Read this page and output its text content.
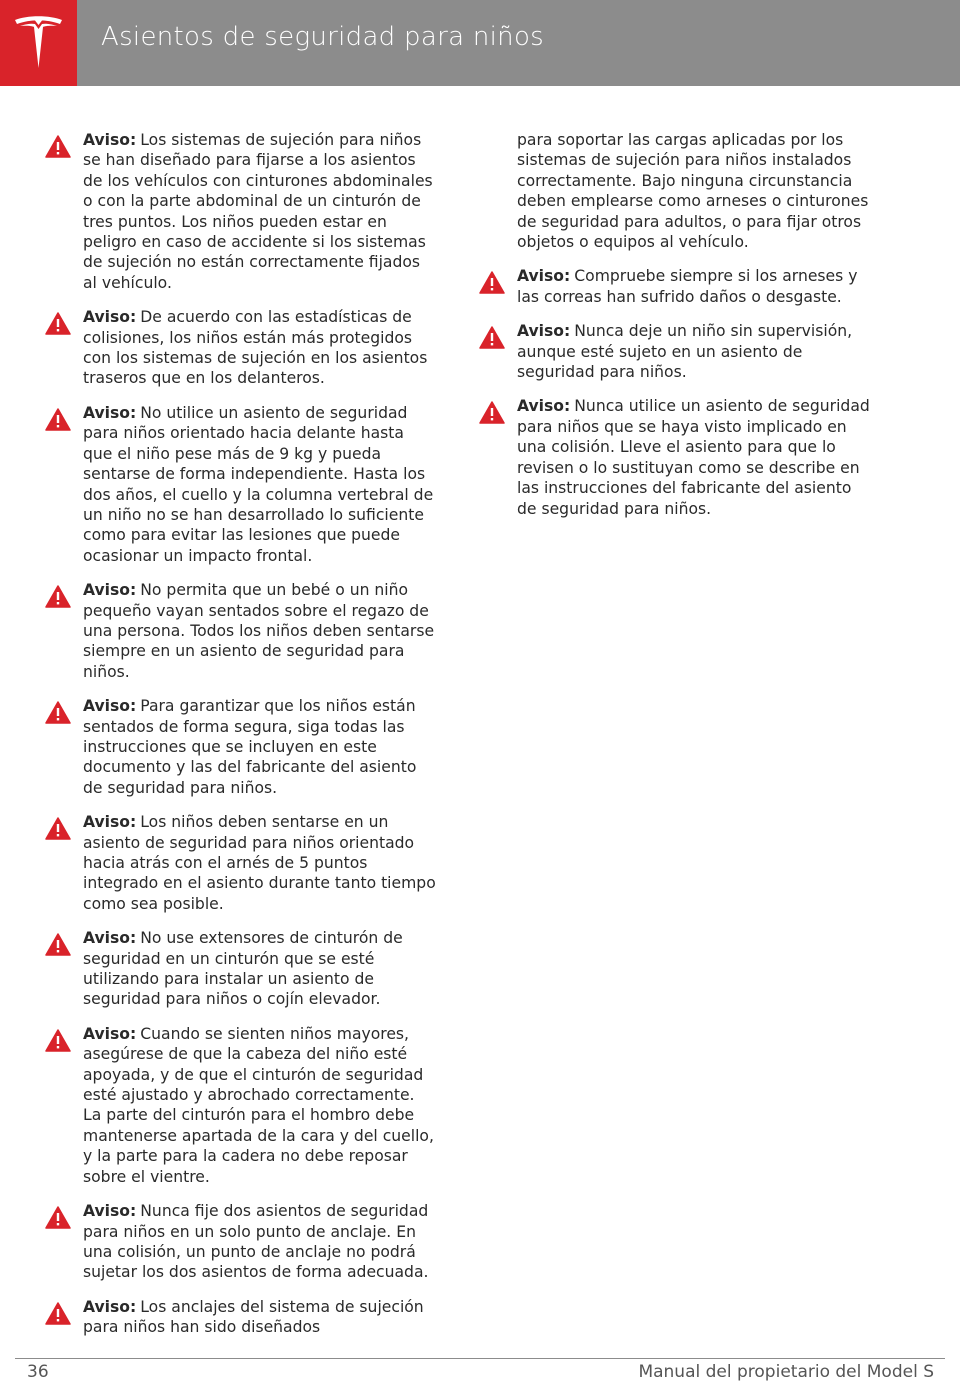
Asientos de seguridad para niños

Aviso: Los sistemas de sujeción para niños se han diseñado para fijarse a los asientos de los vehículos con cinturones abdominales o con la parte abdominal de un cinturón de tres puntos. Los niños pueden estar en peligro en caso de accidente si los sistemas de sujeción no están correctamente fijados al vehículo.

Aviso: De acuerdo con las estadísticas de colisiones, los niños están más protegidos con los sistemas de sujeción en los asientos traseros que en los delanteros.

Aviso: No utilice un asiento de seguridad para niños orientado hacia delante hasta que el niño pese más de 9 kg y pueda sentarse de forma independiente. Hasta los dos años, el cuello y la columna vertebral de un niño no se han desarrollado lo suficiente como para evitar las lesiones que puede ocasionar un impacto frontal.

Aviso: No permita que un bebé o un niño pequeño vayan sentados sobre el regazo de una persona. Todos los niños deben sentarse siempre en un asiento de seguridad para niños.

Aviso: Para garantizar que los niños están sentados de forma segura, siga todas las instrucciones que se incluyen en este documento y las del fabricante del asiento de seguridad para niños.

Aviso: Los niños deben sentarse en un asiento de seguridad para niños orientado hacia atrás con el arnés de 5 puntos integrado en el asiento durante tanto tiempo como sea posible.

Aviso: No use extensores de cinturón de seguridad en un cinturón que se esté utilizando para instalar un asiento de seguridad para niños o cojín elevador.

Aviso: Cuando se sienten niños mayores, asegúrese de que la cabeza del niño esté apoyada, y de que el cinturón de seguridad esté ajustado y abrochado correctamente. La parte del cinturón para el hombro debe mantenerse apartada de la cara y del cuello, y la parte para la cadera no debe reposar sobre el vientre.

Aviso: Nunca fije dos asientos de seguridad para niños en un solo punto de anclaje. En una colisión, un punto de anclaje no podrá sujetar los dos asientos de forma adecuada.

Aviso: Los anclajes del sistema de sujeción para niños han sido diseñados

para soportar las cargas aplicadas por los sistemas de sujeción para niños instalados correctamente. Bajo ninguna circunstancia deben emplearse como arneses o cinturones de seguridad para adultos, o para fijar otros objetos o equipos al vehículo.

Aviso: Compruebe siempre si los arneses y las correas han sufrido daños o desgaste.

Aviso: Nunca deje un niño sin supervisión, aunque esté sujeto en un asiento de seguridad para niños.

Aviso: Nunca utilice un asiento de seguridad para niños que se haya visto implicado en una colisión. Lleve el asiento para que lo revisen o lo sustituyan como se describe en las instrucciones del fabricante del asiento de seguridad para niños.

36	Manual del propietario del Model S
